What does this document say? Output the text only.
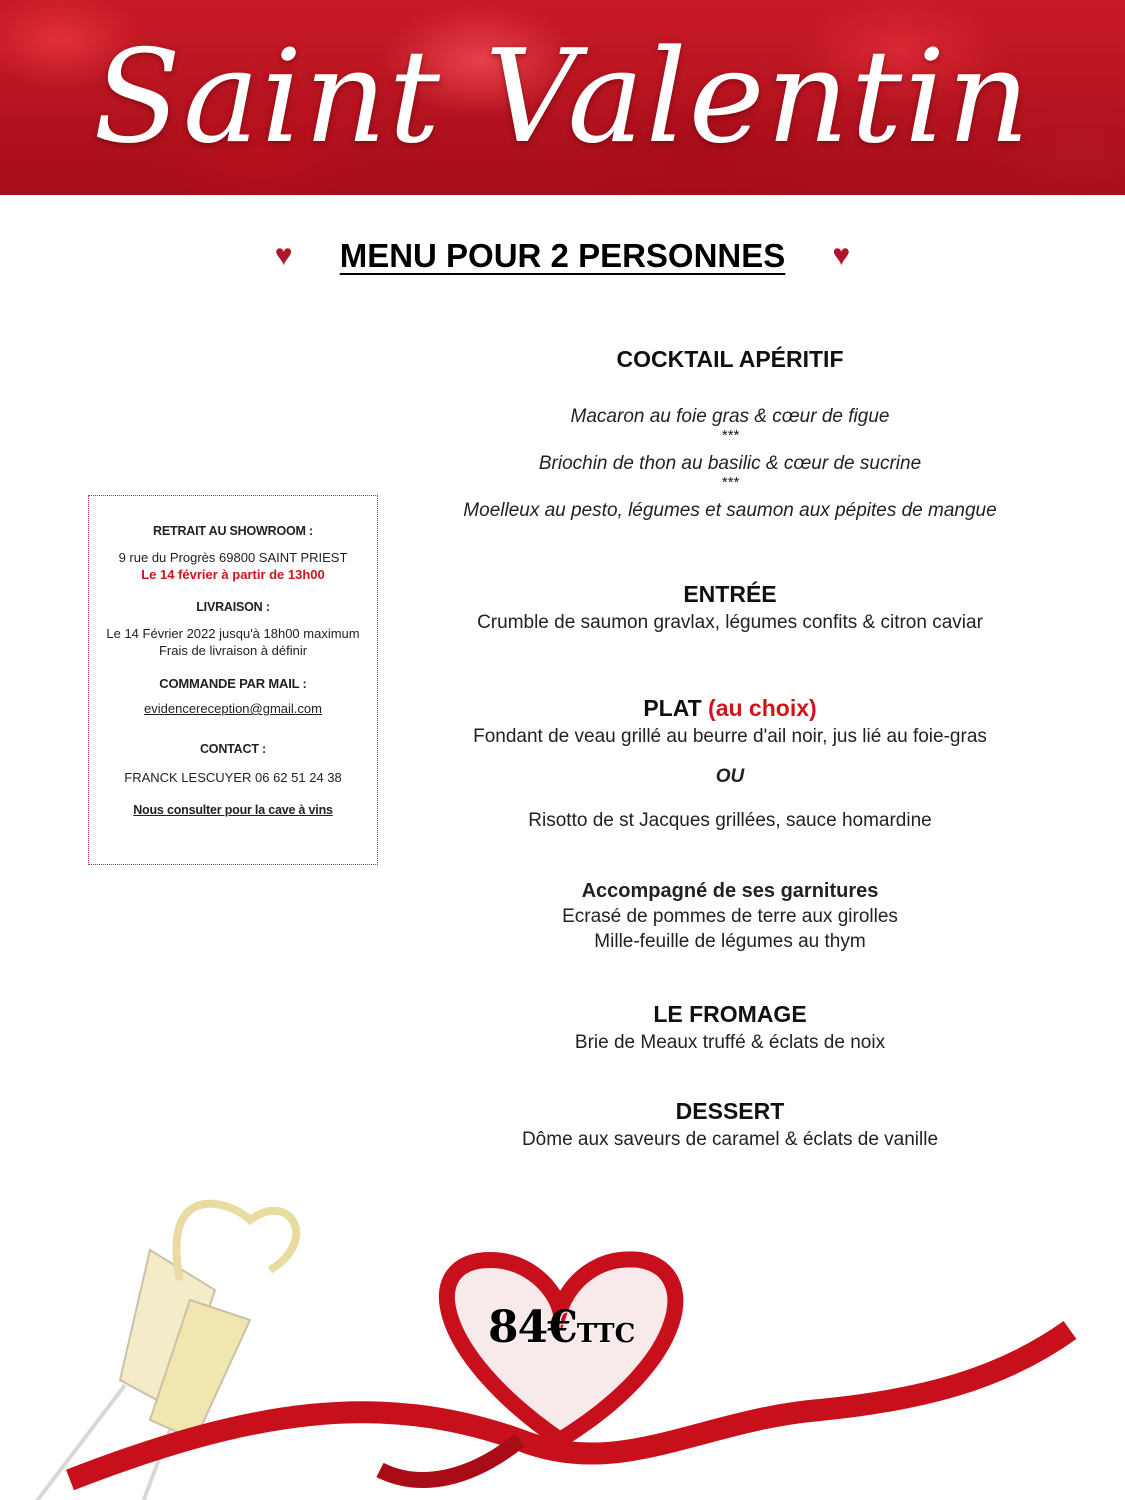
Saint Valentin
♥	MENU POUR 2 PERSONNES	♥
RETRAIT AU SHOWROOM :
9 rue du Progrès 69800 SAINT PRIEST
Le 14 février à partir de 13h00
LIVRAISON :
Le 14 Février 2022 jusqu'à 18h00 maximum
Frais de livraison à définir
COMMANDE PAR MAIL :
evidencereception@gmail.com
CONTACT :
FRANCK LESCUYER 06 62 51 24 38
Nous consulter pour la cave à vins
COCKTAIL APÉRITIF
Macaron au foie gras & cœur de figue
***
Briochin de thon au basilic & cœur de sucrine
***
Moelleux au pesto, légumes et saumon aux pépites de mangue
ENTRÉE
Crumble de saumon gravlax, légumes confits & citron caviar
PLAT (au choix)
Fondant de veau grillé au beurre d'ail noir, jus lié au foie-gras
OU
Risotto de st Jacques grillées, sauce homardine
Accompagné de ses garnitures
Ecrasé de pommes de terre aux girolles
Mille-feuille de légumes au thym
LE FROMAGE
Brie de Meaux truffé & éclats de noix
DESSERT
Dôme aux saveurs de caramel & éclats de vanille
84€TTC
